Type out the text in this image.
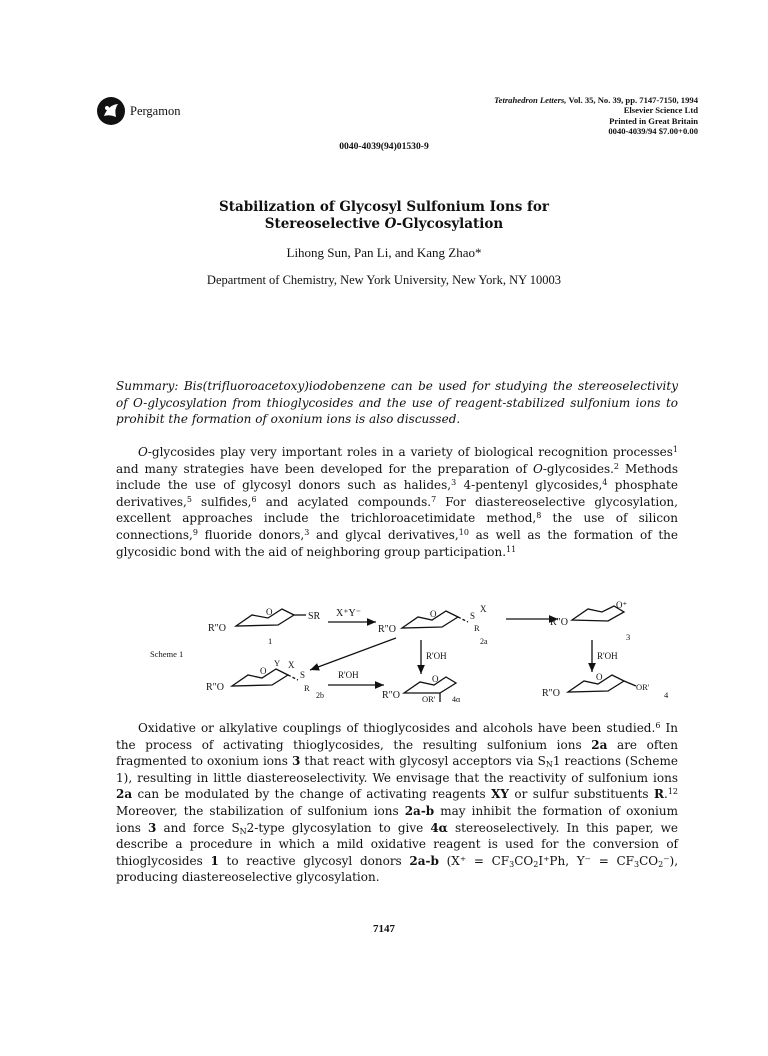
Pergamon
Tetrahedron Letters, Vol. 35, No. 39, pp. 7147-7150, 1994
Elsevier Science Ltd
Printed in Great Britain
0040-4039/94 $7.00+0.00
0040-4039(94)01530-9
Stabilization of Glycosyl Sulfonium Ions for
Stereoselective O-Glycosylation
Lihong Sun, Pan Li, and Kang Zhao*
Department of Chemistry, New York University, New York, NY 10003
Summary: Bis(trifluoroacetoxy)iodobenzene can be used for studying the stereoselectivity of O-glycosylation from thioglycosides and the use of reagent-stabilized sulfonium ions to prohibit the formation of oxonium ions is also discussed.
O-glycosides play very important roles in a variety of biological recognition processes$^1$ and many strategies have been developed for the preparation of O-glycosides.$^2$ Methods include the use of glycosyl donors such as halides,$^3$ 4-pentenyl glycosides,$^4$ phosphate derivatives,$^5$ sulfides,$^6$ and acylated compounds.$^7$ For diastereoselective glycosylation, excellent approaches include the trichloroacetimidate method,$^8$ the use of silicon connections,$^9$ fluoride donors,$^3$ and glycal derivatives,$^{10}$ as well as the formation of the glycosidic bond with the aid of neighboring group participation.$^{11}$
Scheme 1
R"O
O	SR
1
X⁺Y⁻
R"O
O	S
X
R
2a
R"O
O⁺
3
R'OH	R'OH
R'OH
R"O
O
Y
S
X
R
2b	R"O
O
OR' 4α
R"O
O
OR'
4
Oxidative or alkylative couplings of thioglycosides and alcohols have been studied.$^6$ In the process of activating thioglycosides, the resulting sulfonium ions 2a are often fragmented to oxonium ions 3 that react with glycosyl acceptors via $S_N1$ reactions (Scheme 1), resulting in little diastereoselectivity. We envisage that the reactivity of sulfonium ions 2a can be modulated by the change of activating reagents XY or sulfur substituents R.$^{12}$ Moreover, the stabilization of sulfonium ions 2a-b may inhibit the formation of oxonium ions 3 and force $S_N2$-type glycosylation to give 4α stereoselectively. In this paper, we describe a procedure in which a mild oxidative reagent is used for the conversion of thioglycosides 1 to reactive glycosyl donors 2a-b ($X^+ = CF_3CO_2I^+Ph$, $Y^- = CF_3CO_2^-$), producing diastereoselective glycosylation.
7147
